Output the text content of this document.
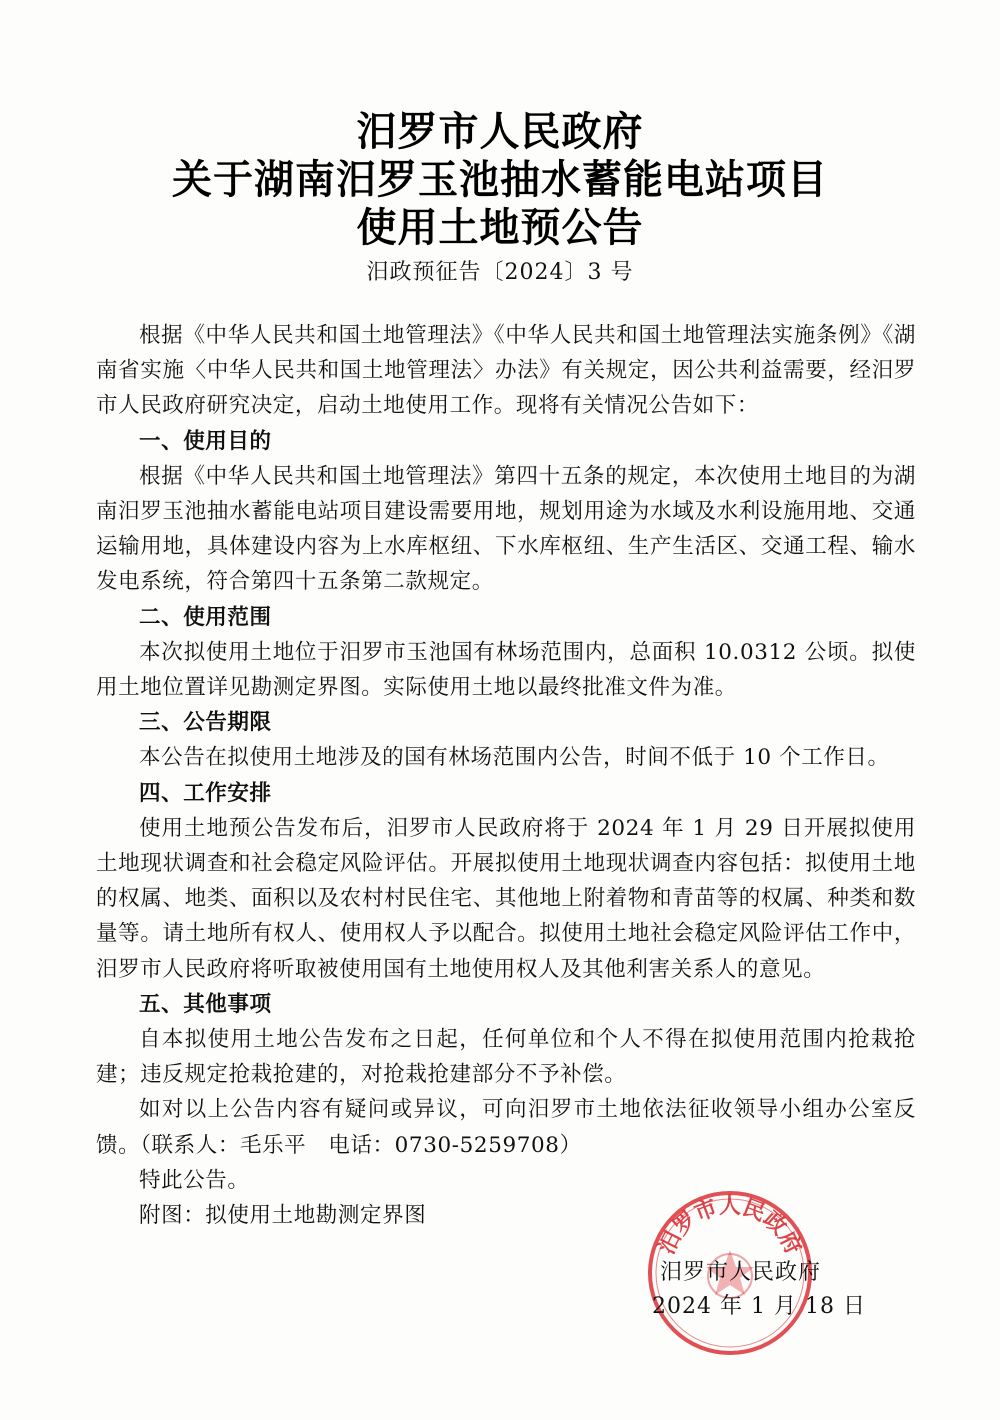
汨罗市人民政府
关于湖南汨罗玉池抽水蓄能电站项目
使用土地预公告
汨政预征告〔2024〕3 号

根据《中华人民共和国土地管理法》《中华人民共和国土地管理法实施条例》《湖南省实施〈中华人民共和国土地管理法〉办法》有关规定，因公共利益需要，经汨罗市人民政府研究决定，启动土地使用工作。现将有关情况公告如下：

一、使用目的

根据《中华人民共和国土地管理法》第四十五条的规定，本次使用土地目的为湖南汨罗玉池抽水蓄能电站项目建设需要用地，规划用途为水域及水利设施用地、交通运输用地，具体建设内容为上水库枢纽、下水库枢纽、生产生活区、交通工程、输水发电系统，符合第四十五条第二款规定。

二、使用范围

本次拟使用土地位于汨罗市玉池国有林场范围内，总面积 10.0312 公顷。拟使用土地位置详见勘测定界图。实际使用土地以最终批准文件为准。

三、公告期限

本公告在拟使用土地涉及的国有林场范围内公告，时间不低于 10 个工作日。

四、工作安排

使用土地预公告发布后，汨罗市人民政府将于 2024 年 1 月 29 日开展拟使用土地现状调查和社会稳定风险评估。开展拟使用土地现状调查内容包括：拟使用土地的权属、地类、面积以及农村村民住宅、其他地上附着物和青苗等的权属、种类和数量等。请土地所有权人、使用权人予以配合。拟使用土地社会稳定风险评估工作中，汨罗市人民政府将听取被使用国有土地使用权人及其他利害关系人的意见。

五、其他事项

自本拟使用土地公告发布之日起，任何单位和个人不得在拟使用范围内抢栽抢建；违反规定抢栽抢建的，对抢栽抢建部分不予补偿。

如对以上公告内容有疑问或异议，可向汨罗市土地依法征收领导小组办公室反馈。（联系人：毛乐平　电话：0730-5259708）

特此公告。

附图：拟使用土地勘测定界图

汨罗市人民政府
汨罗市人民政府
2024 年 1 月 18 日
